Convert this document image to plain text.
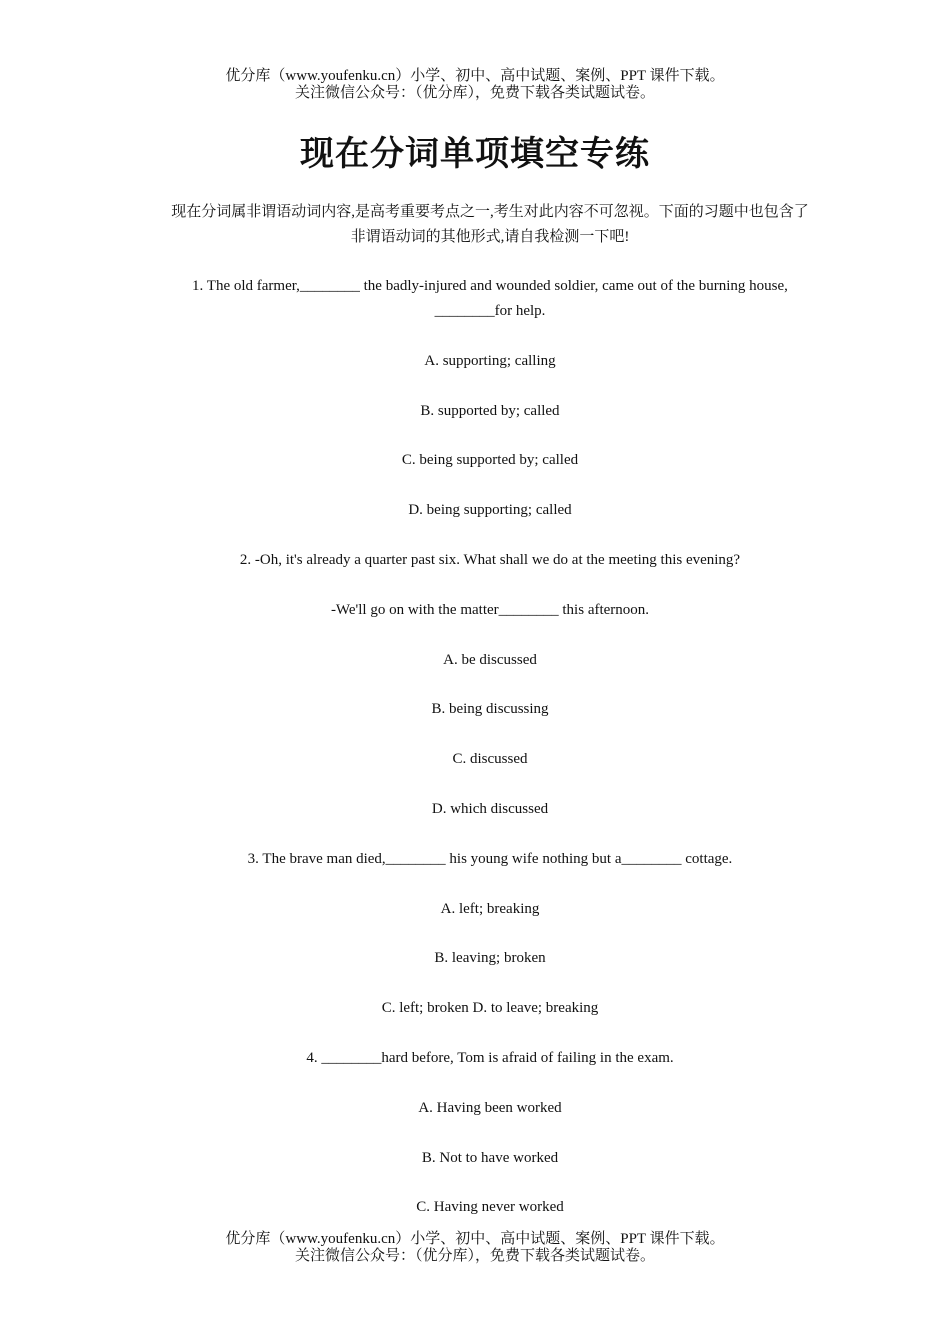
优分库（www.youfenku.cn）小学、初中、高中试题、案例、PPT 课件下载。
关注微信公众号：（优分库），免费下载各类试题试卷。
现在分词单项填空专练
现在分词属非谓语动词内容,是高考重要考点之一,考生对此内容不可忽视。下面的习题中也包含了非谓语动词的其他形式,请自我检测一下吧!

1. The old farmer,________ the badly-injured and wounded soldier, came out of the burning house, ________for help.

A. supporting; calling

B. supported by; called

C. being supported by; called

D. being supporting; called

2. -Oh, it's already a quarter past six. What shall we do at the meeting this evening?

-We'll go on with the matter________ this afternoon.

A. be discussed

B. being discussing

C. discussed

D. which discussed

3. The brave man died,________ his young wife nothing but a________ cottage.

A. left; breaking

B. leaving; broken

C. left; broken D. to leave; breaking

4. ________hard before, Tom is afraid of failing in the exam.

A. Having been worked

B. Not to have worked

C. Having never worked

优分库（www.youfenku.cn）小学、初中、高中试题、案例、PPT 课件下载。
关注微信公众号：（优分库），免费下载各类试题试卷。
